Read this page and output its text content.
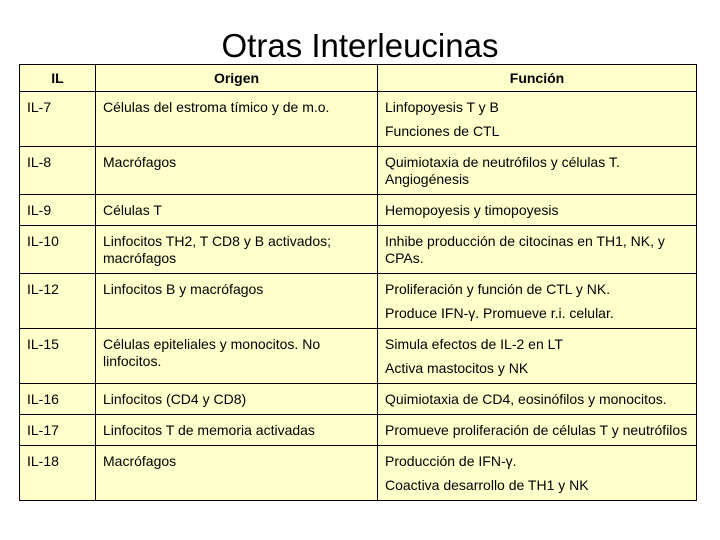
Otras Interleucinas
IL	Origen	Función
IL-7	Células del estroma tímico y de m.o.	Linfopoyesis T y B
Funciones de CTL

IL-8	Macrófagos	Quimiotaxia de neutrófilos y células T. Angiogénesis

IL-9	Células T	Hemopoyesis y timopoyesis

IL-10	Linfocitos TH2, T CD8 y B activados; macrófagos	Inhibe producción de citocinas en TH1, NK, y CPAs.

IL-12	Linfocitos B y macrófagos	Proliferación y función de CTL y NK.
Produce IFN-γ. Promueve r.i. celular.

IL-15	Células epiteliales y monocitos. No linfocitos.	Simula efectos de IL-2 en LT
Activa mastocitos y NK

IL-16	Linfocitos (CD4 y CD8)	Quimiotaxia de CD4, eosinófilos y monocitos.

IL-17	Linfocitos T de memoria activadas	Promueve proliferación de células T y neutrófilos

IL-18	Macrófagos	Producción de IFN-γ.
Coactiva desarrollo de TH1 y NK
